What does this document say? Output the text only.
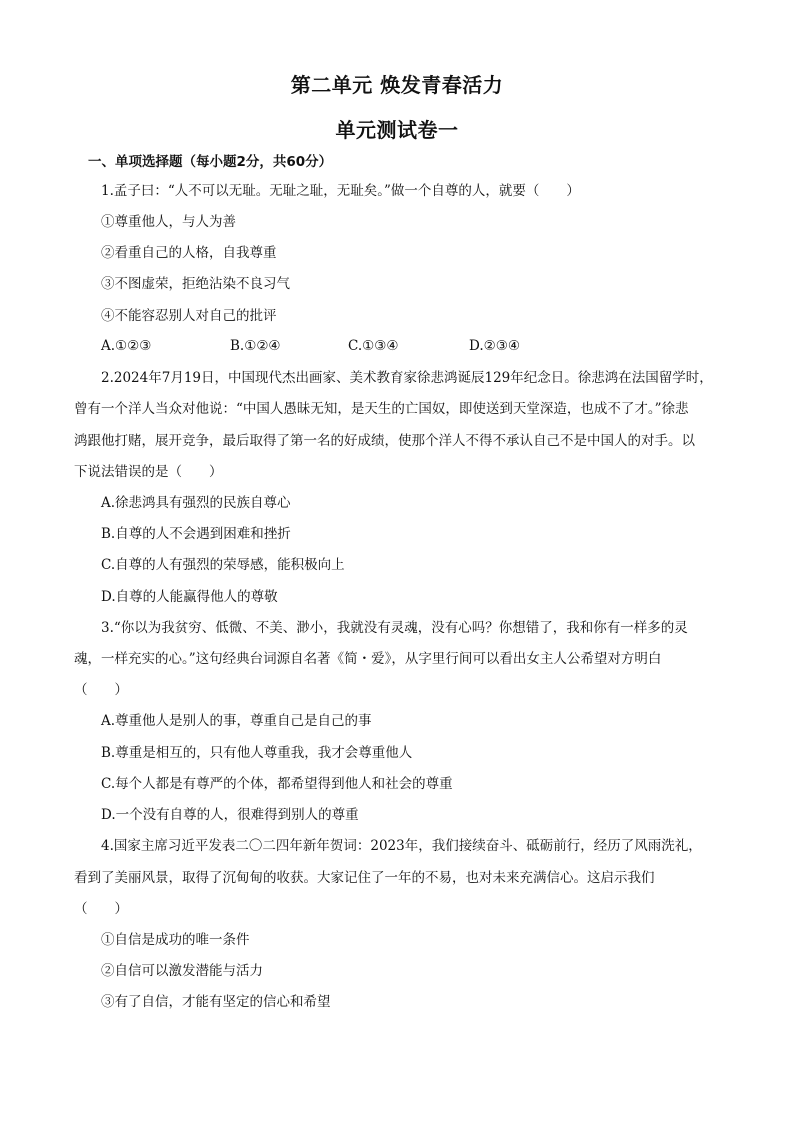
第二单元 焕发青春活力
单元测试卷一
一、单项选择题（每小题2分，共60分）
1.孟子曰：“人不可以无耻。无耻之耻，无耻矣。”做一个自尊的人，就要（　　）
①尊重他人，与人为善
②看重自己的人格，自我尊重
③不图虚荣，拒绝沾染不良习气
④不能容忍别人对自己的批评
A.①②③	B.①②④	C.①③④	D.②③④
2.2024年7月19日，中国现代杰出画家、美术教育家徐悲鸿诞辰129年纪念日。徐悲鸿在法国留学时，
曾有一个洋人当众对他说：“中国人愚昧无知，是天生的亡国奴，即使送到天堂深造，也成不了才。”徐悲
鸿跟他打赌，展开竞争，最后取得了第一名的好成绩，使那个洋人不得不承认自己不是中国人的对手。以
下说法错误的是（　　）
A.徐悲鸿具有强烈的民族自尊心
B.自尊的人不会遇到困难和挫折
C.自尊的人有强烈的荣辱感，能积极向上
D.自尊的人能赢得他人的尊敬
3.“你以为我贫穷、低微、不美、渺小，我就没有灵魂，没有心吗？你想错了，我和你有一样多的灵
魂，一样充实的心。”这句经典台词源自名著《简・爱》，从字里行间可以看出女主人公希望对方明白
（　　）
A.尊重他人是别人的事，尊重自己是自己的事
B.尊重是相互的，只有他人尊重我，我才会尊重他人
C.每个人都是有尊严的个体，都希望得到他人和社会的尊重
D.一个没有自尊的人，很难得到别人的尊重
4.国家主席习近平发表二〇二四年新年贺词：2023年，我们接续奋斗、砥砺前行，经历了风雨洗礼，
看到了美丽风景，取得了沉甸甸的收获。大家记住了一年的不易，也对未来充满信心。这启示我们
（　　）
①自信是成功的唯一条件
②自信可以激发潜能与活力
③有了自信，才能有坚定的信心和希望
